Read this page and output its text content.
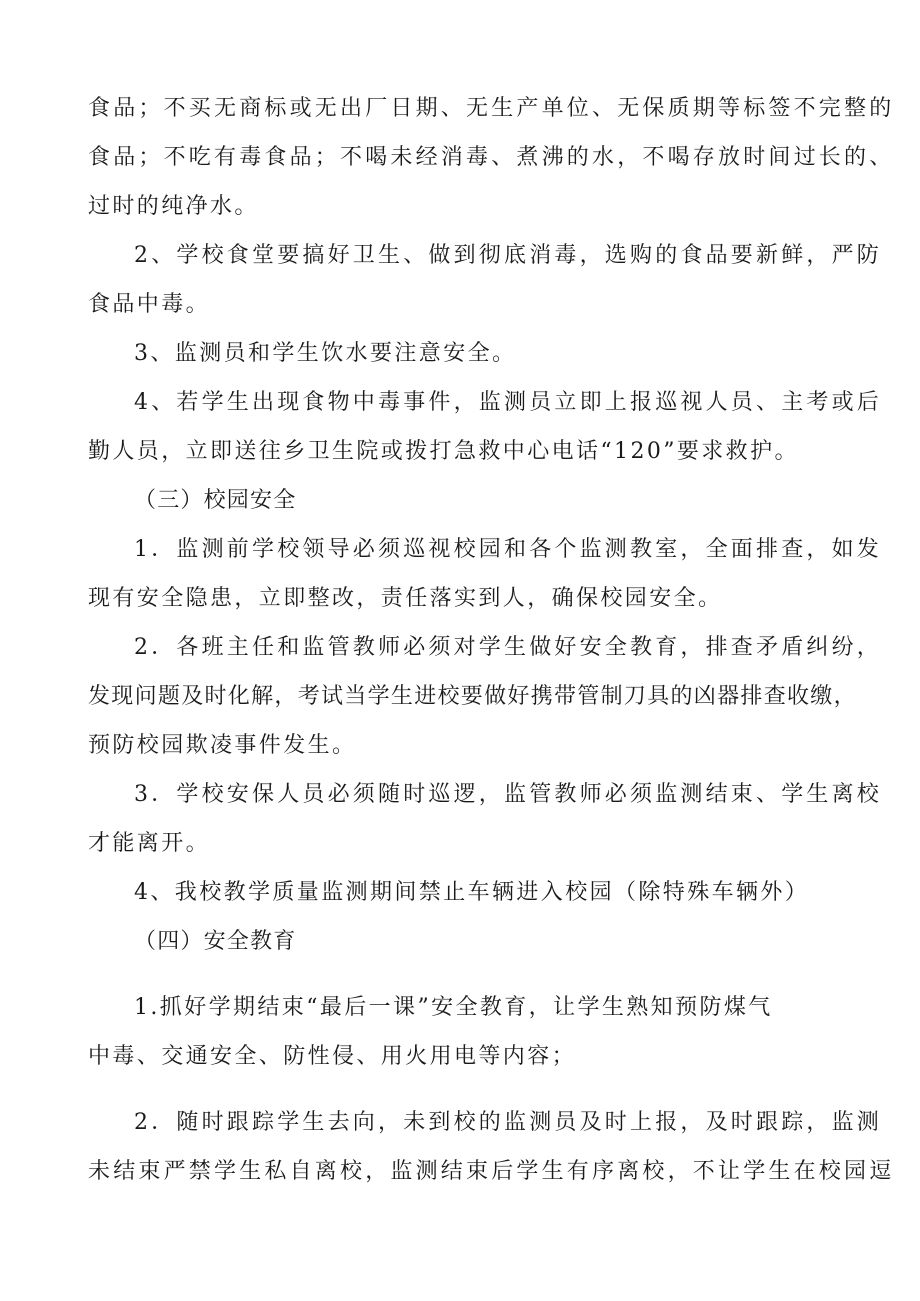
食品；不买无商标或无出厂日期、无生产单位、无保质期等标签不完整的
食品；不吃有毒食品；不喝未经消毒、煮沸的水，不喝存放时间过长的、
过时的纯净水。
2、学校食堂要搞好卫生、做到彻底消毒，选购的食品要新鲜，严防
食品中毒。
3、监测员和学生饮水要注意安全。
4、若学生出现食物中毒事件，监测员立即上报巡视人员、主考或后
勤人员，立即送往乡卫生院或拨打急救中心电话“120”要求救护。
（三）校园安全
1．监测前学校领导必须巡视校园和各个监测教室，全面排查，如发
现有安全隐患，立即整改，责任落实到人，确保校园安全。
2．各班主任和监管教师必须对学生做好安全教育，排查矛盾纠纷，
发现问题及时化解，考试当学生进校要做好携带管制刀具的凶器排查收缴，
预防校园欺凌事件发生。
3．学校安保人员必须随时巡逻，监管教师必须监测结束、学生离校
才能离开。
4、我校教学质量监测期间禁止车辆进入校园（除特殊车辆外）
（四）安全教育
1.抓好学期结束“最后一课”安全教育，让学生熟知预防煤气
中毒、交通安全、防性侵、用火用电等内容；
2．随时跟踪学生去向，未到校的监测员及时上报，及时跟踪，监测
未结束严禁学生私自离校，监测结束后学生有序离校，不让学生在校园逗
